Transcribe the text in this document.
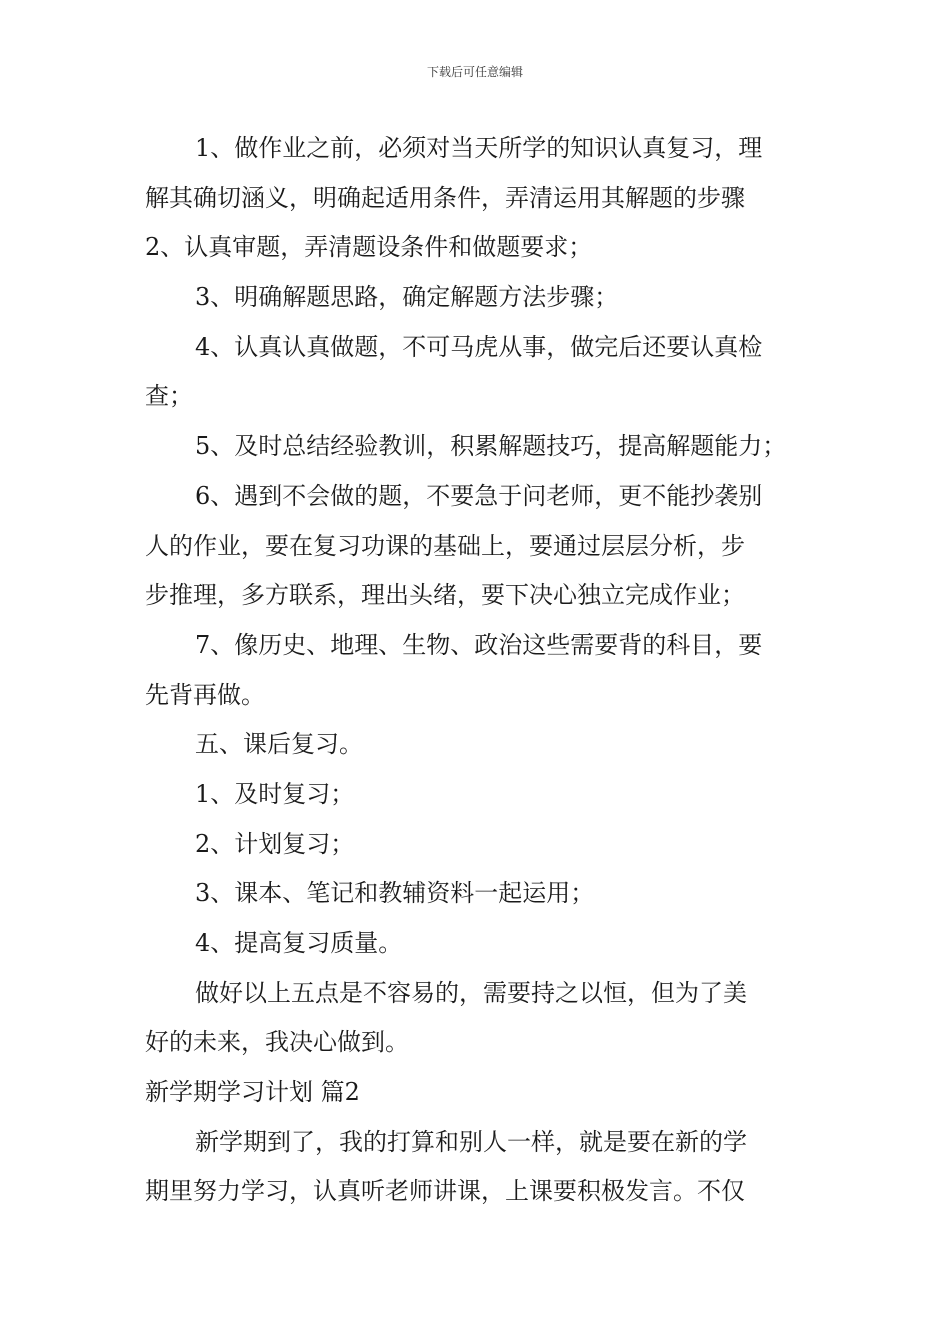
下载后可任意编辑
1、做作业之前，必须对当天所学的知识认真复习，理
解其确切涵义，明确起适用条件，弄清运用其解题的步骤
2、认真审题，弄清题设条件和做题要求；
3、明确解题思路，确定解题方法步骤；
4、认真认真做题，不可马虎从事，做完后还要认真检
查；
5、及时总结经验教训，积累解题技巧，提高解题能力；
6、遇到不会做的题，不要急于问老师，更不能抄袭别
人的作业，要在复习功课的基础上，要通过层层分析，步
步推理，多方联系，理出头绪，要下决心独立完成作业；
7、像历史、地理、生物、政治这些需要背的科目，要
先背再做。
五、课后复习。
1、及时复习；
2、计划复习；
3、课本、笔记和教辅资料一起运用；
4、提高复习质量。
做好以上五点是不容易的，需要持之以恒，但为了美
好的未来，我决心做到。
新学期学习计划 篇2
新学期到了，我的打算和别人一样，就是要在新的学
期里努力学习，认真听老师讲课，上课要积极发言。不仅
